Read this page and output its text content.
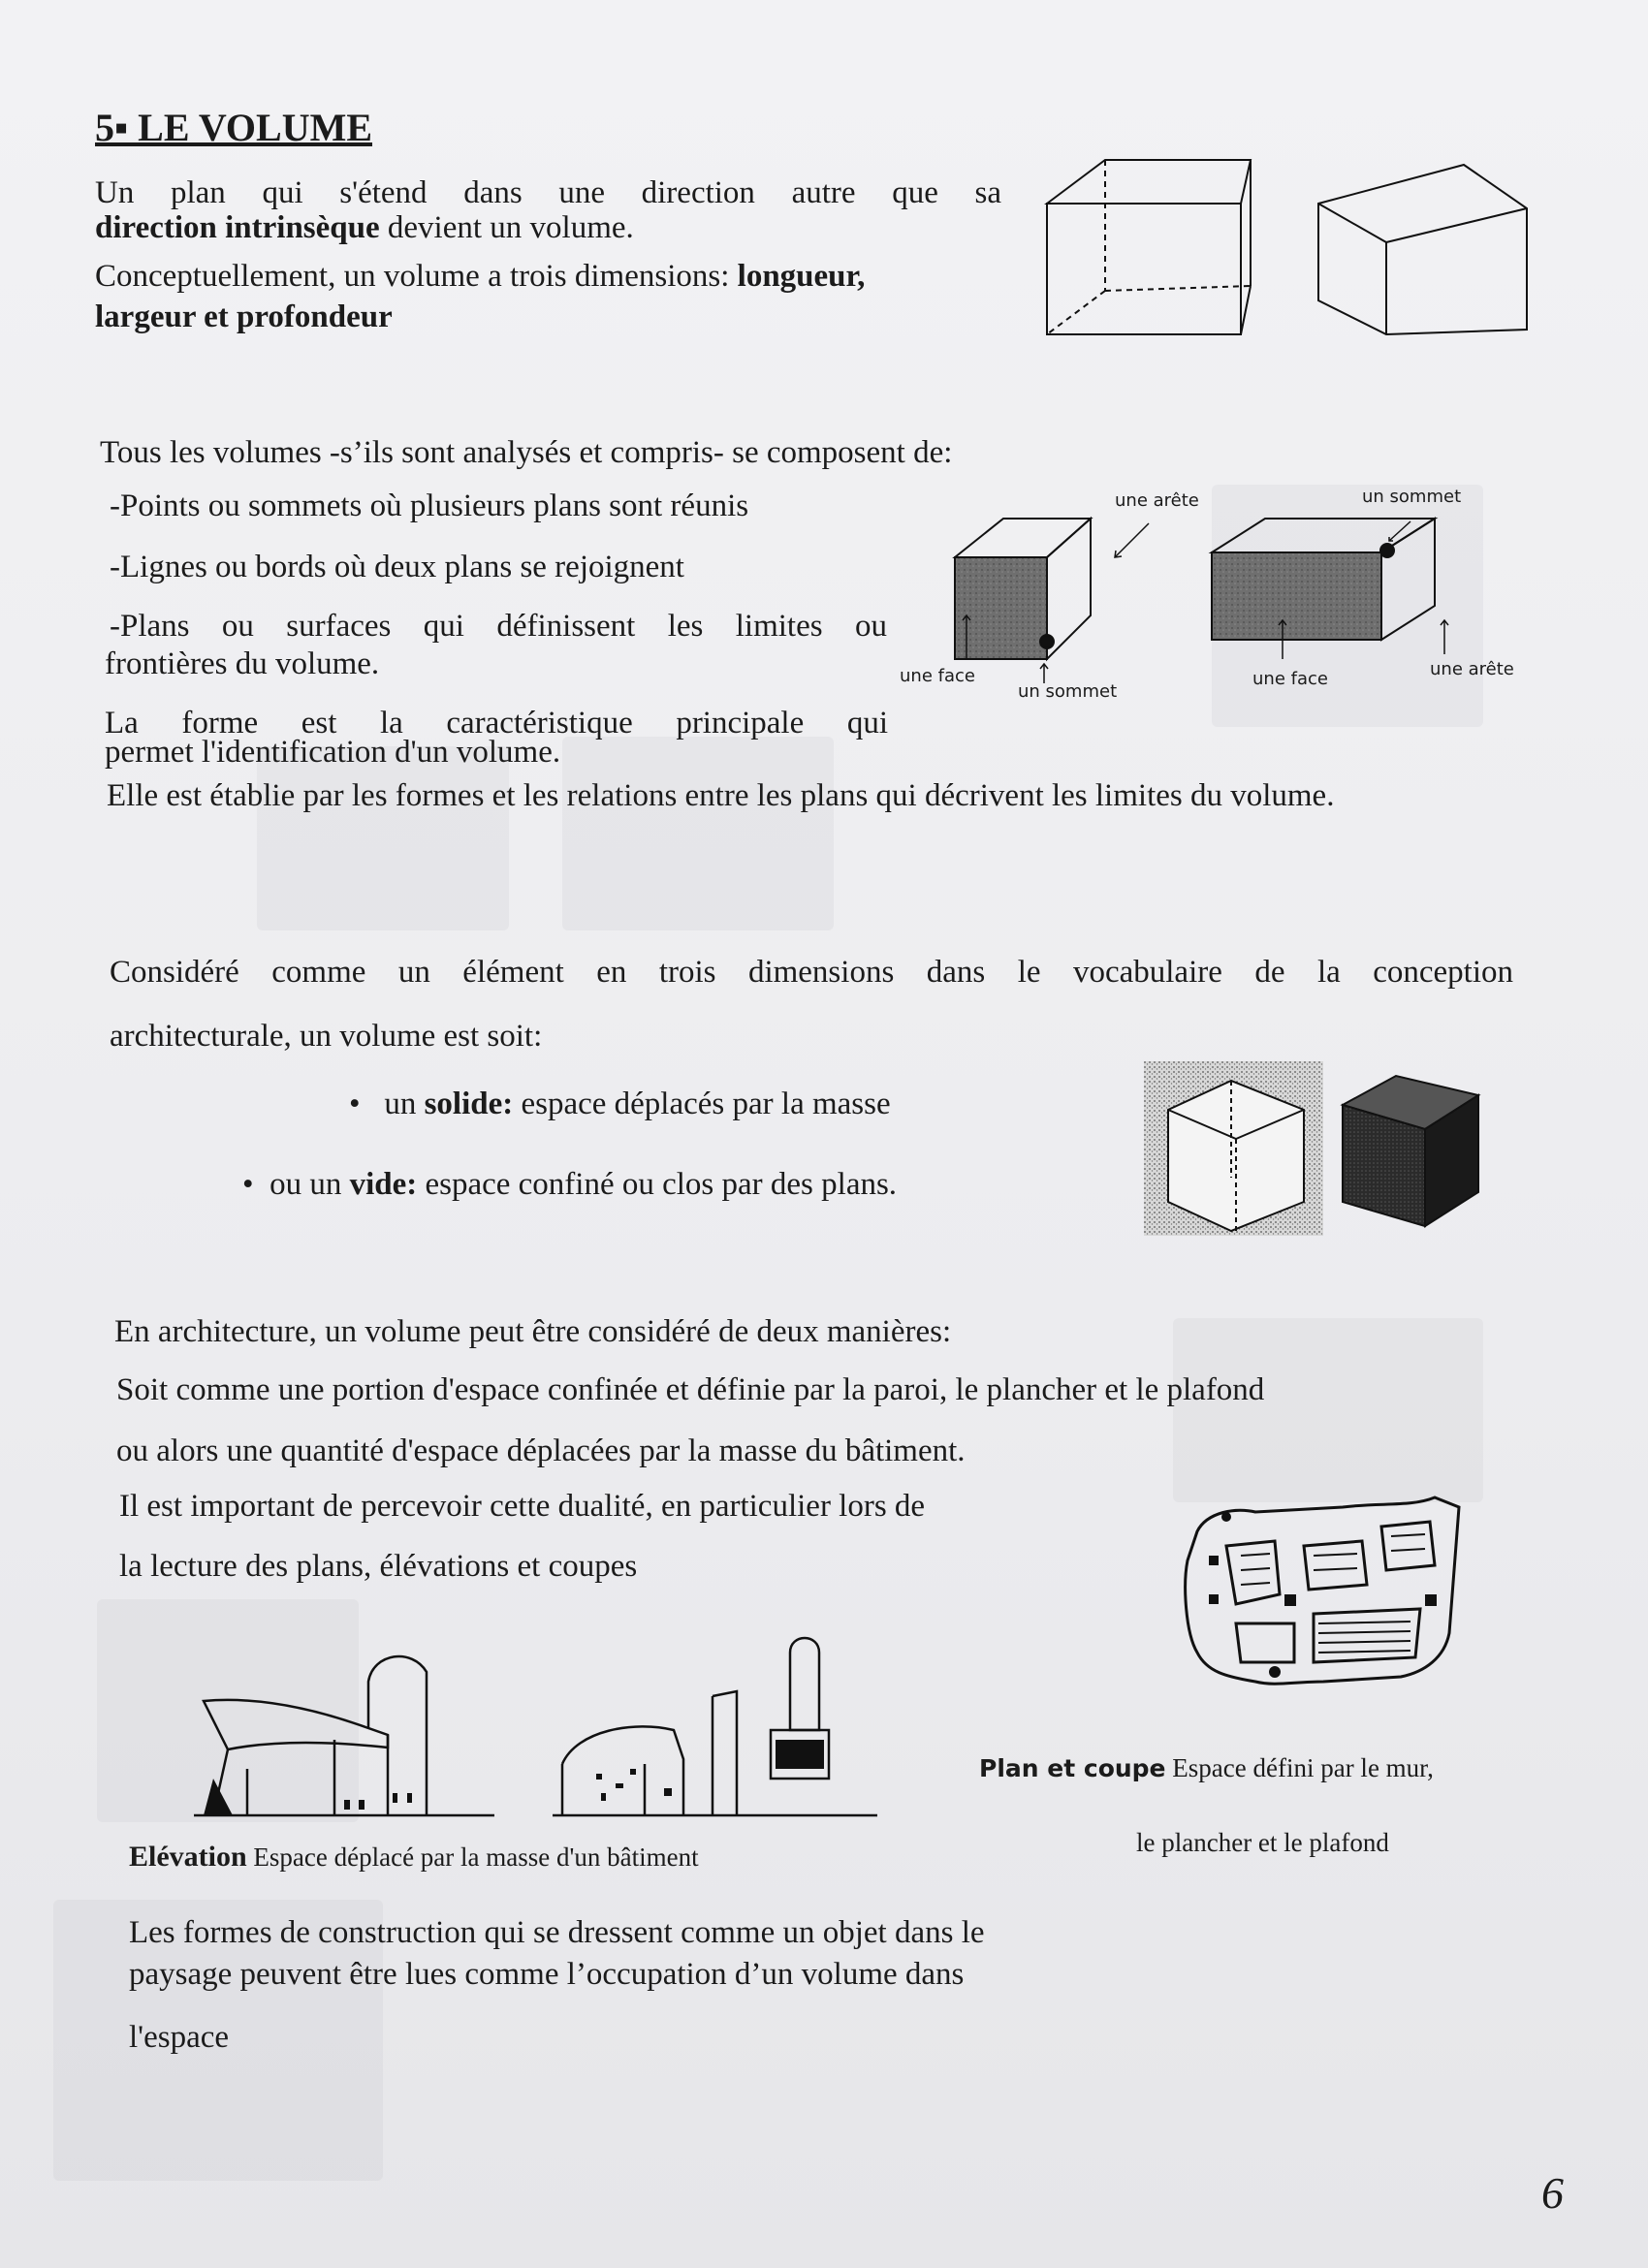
5▪ LE VOLUME
Un plan qui s'étend dans une direction autre que sa
direction intrinsèque devient un volume.
Conceptuellement, un volume a trois dimensions: longueur,
largeur et profondeur
Tous les volumes -s’ils sont analysés et compris- se composent de:
-Points ou sommets où plusieurs plans sont réunis
-Lignes ou bords où deux plans se rejoignent
-Plans ou surfaces qui définissent les limites ou
frontières du volume.
La forme est la caractéristique principale qui
permet l'identification d'un volume.
Elle est établie par les formes et les relations entre les plans qui décrivent les limites du volume.
une arête	un sommet
une face
un sommet
une face	une arête
Considéré comme un élément en trois dimensions dans le vocabulaire de la conception
architecturale, un volume est soit:
•   un solide: espace déplacés par la masse
•  ou un vide: espace confiné ou clos par des plans.
En architecture, un volume peut être considéré de deux manières:
Soit comme une portion d'espace confinée et définie par la paroi, le plancher et le plafond
ou alors une quantité d'espace déplacées par la masse du bâtiment.
Il est important de percevoir cette dualité, en particulier lors de
la lecture des plans, élévations et coupes
Plan et coupe Espace défini par le mur,
le plancher et le plafond
Elévation Espace déplacé par la masse d'un bâtiment
Les formes de construction qui se dressent comme un objet dans le
paysage peuvent être lues comme l’occupation d’un volume dans
l'espace
6
